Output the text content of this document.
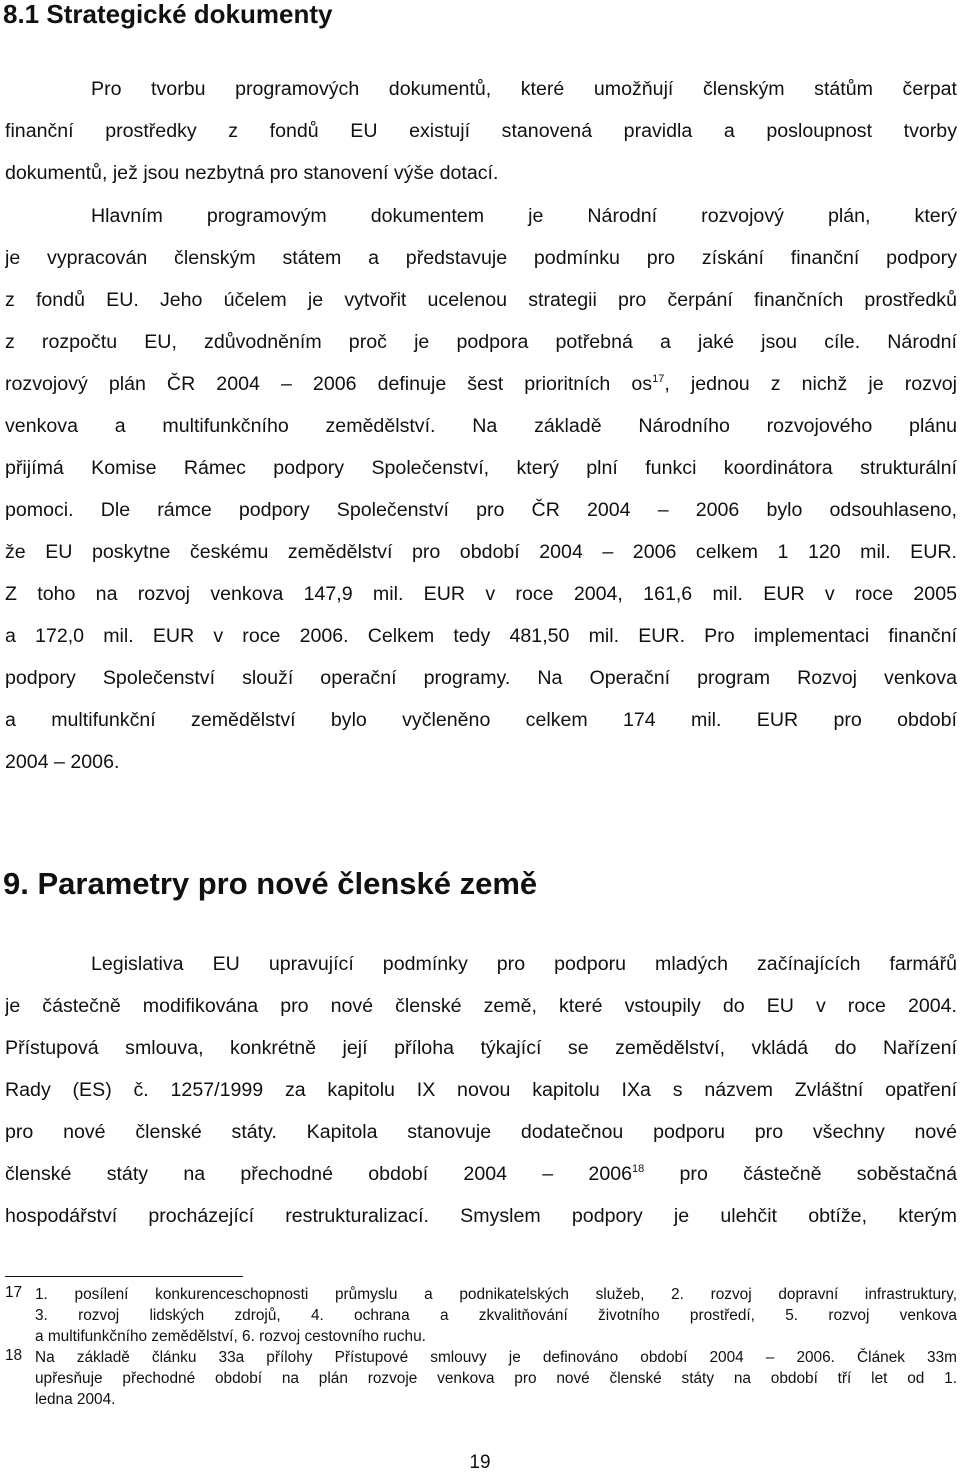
8.1 Strategické dokumenty
Pro tvorbu programových dokumentů, které umožňují členským státům čerpat
finanční prostředky z fondů EU existují stanovená pravidla a posloupnost tvorby
dokumentů, jež jsou nezbytná pro stanovení výše dotací.
Hlavním programovým dokumentem je Národní rozvojový plán, který
je vypracován členským státem a představuje podmínku pro získání finanční podpory
z fondů EU. Jeho účelem je vytvořit ucelenou strategii pro čerpání finančních prostředků
z rozpočtu EU, zdůvodněním proč je podpora potřebná a jaké jsou cíle. Národní
rozvojový plán ČR 2004 – 2006 definuje šest prioritních $os^{17}$, jednou z nichž je rozvoj
venkova a multifunkčního zemědělství. Na základě Národního rozvojového plánu
přijímá Komise Rámec podpory Společenství, který plní funkci koordinátora strukturální
pomoci. Dle rámce podpory Společenství pro ČR 2004 – 2006 bylo odsouhlaseno,
že EU poskytne českému zemědělství pro období 2004 – 2006 celkem 1 120 mil. EUR.
Z toho na rozvoj venkova 147,9 mil. EUR v roce 2004, 161,6 mil. EUR v roce 2005
a 172,0 mil. EUR v roce 2006. Celkem tedy 481,50 mil. EUR. Pro implementaci finanční
podpory Společenství slouží operační programy. Na Operační program Rozvoj venkova
a multifunkční zemědělství bylo vyčleněno celkem 174 mil. EUR pro období
2004 – 2006.
9. Parametry pro nové členské země
Legislativa EU upravující podmínky pro podporu mladých začínajících farmářů
je částečně modifikována pro nové členské země, které vstoupily do EU v roce 2004.
Přístupová smlouva, konkrétně její příloha týkající se zemědělství, vkládá do Nařízení
Rady (ES) č. 1257/1999 za kapitolu IX novou kapitolu IXa s názvem Zvláštní opatření
pro nové členské státy. Kapitola stanovuje dodatečnou podporu pro všechny nové
členské státy na přechodné období 2004 – 2006$^{18}$ pro částečně soběstačná
hospodářství procházející restrukturalizací. Smyslem podpory je ulehčit obtíže, kterým
17 1. posílení konkurenceschopnosti průmyslu a podnikatelských služeb, 2. rozvoj dopravní infrastruktury,
3. rozvoj lidských zdrojů, 4. ochrana a zkvalitňování životního prostředí, 5. rozvoj venkova
a multifunkčního zemědělství, 6. rozvoj cestovního ruchu.
18 Na základě článku 33a přílohy Přístupové smlouvy je definováno období 2004 – 2006. Článek 33m
upřesňuje přechodné období na plán rozvoje venkova pro nové členské státy na období tří let od 1.
ledna 2004.
19
